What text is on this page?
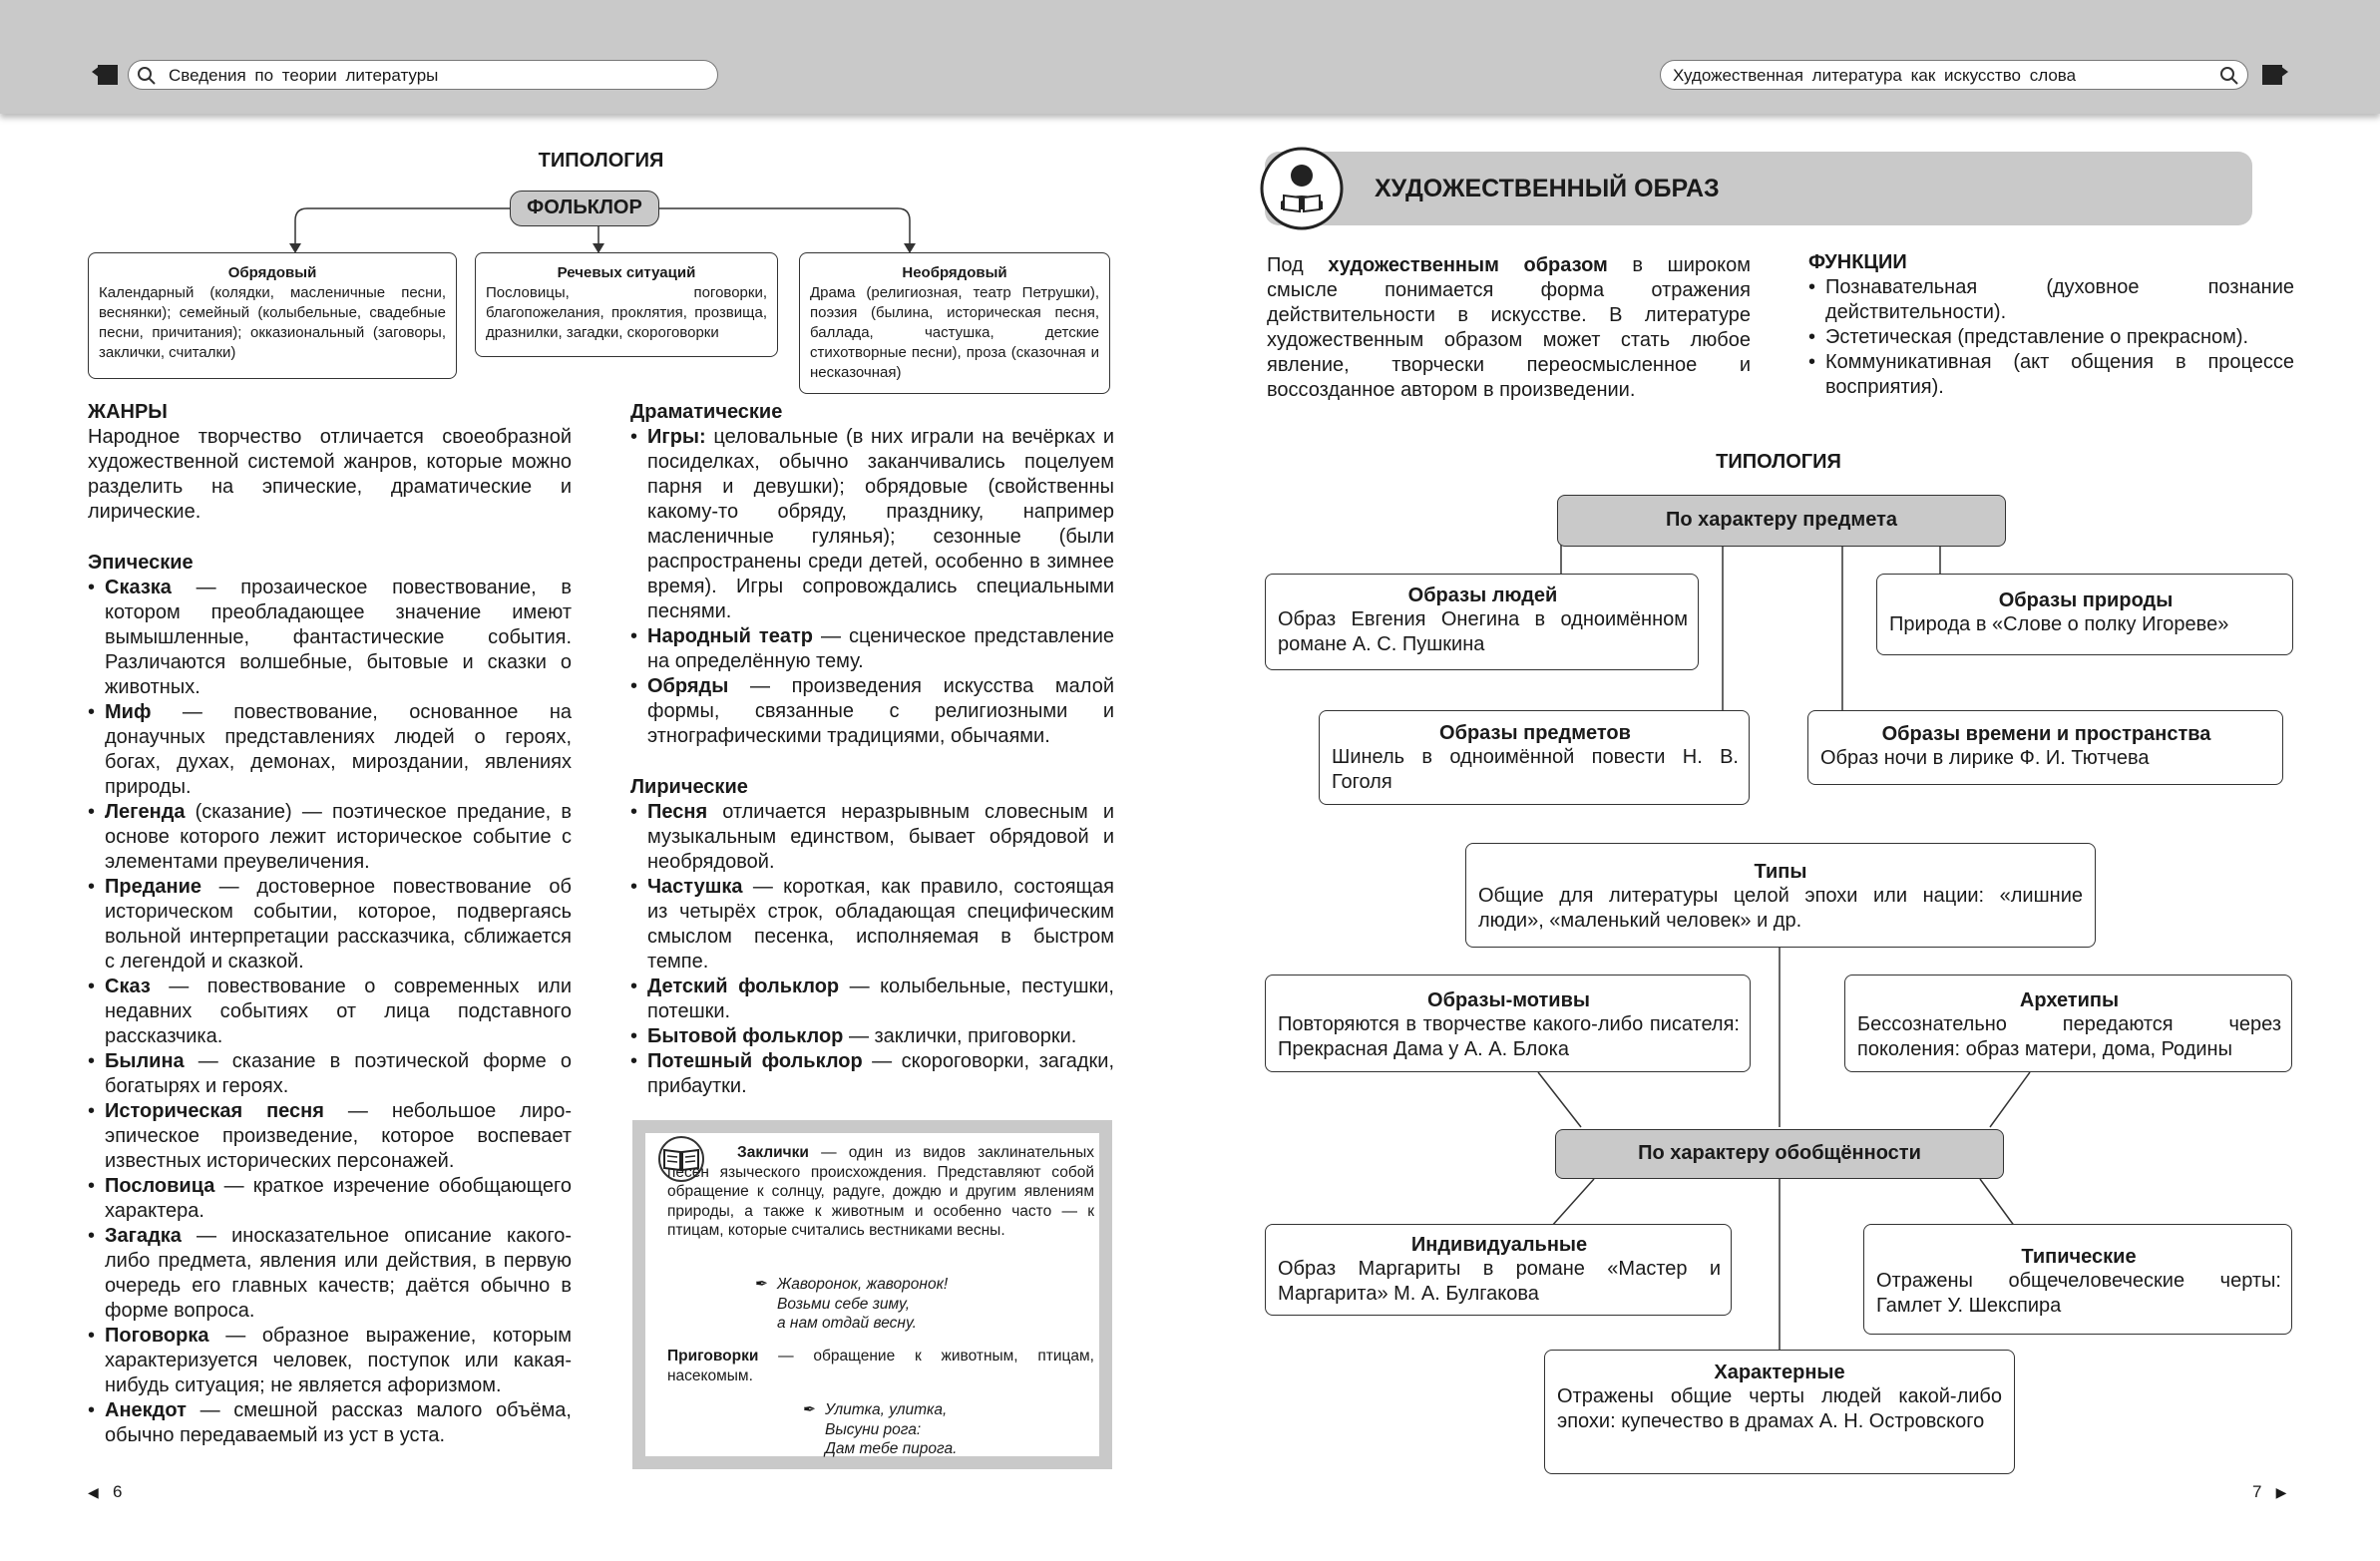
Сведения по теории литературы	Художественная литература как искусство слова
ТИПОЛОГИЯ
ФОЛЬКЛОР
Обрядовый
Календарный (колядки, масленичные песни, веснянки); семейный (колыбельные, свадебные песни, причитания); окказиональный (заговоры, заклички, считалки)
Речевых ситуаций
Пословицы, поговорки, благопожелания, проклятия, прозвища, дразнилки, загадки, скороговорки
Необрядовый
Драма (религиозная, театр Петрушки), поэзия (былина, историческая песня, баллада, частушка, детские стихотворные песни), проза (сказочная и несказочная)
ЖАНРЫ
Народное творчество отличается своеобразной художественной системой жанров, которые можно разделить на эпические, драматические и лирические.
Эпические
• Сказка — прозаическое повествование, в котором преобладающее значение имеют вымышленные, фантастические события. Различаются волшебные, бытовые и сказки о животных.
• Миф — повествование, основанное на донаучных представлениях людей о героях, богах, духах, демонах, мироздании, явлениях природы.
• Легенда (сказание) — поэтическое предание, в основе которого лежит историческое событие с элементами преувеличения.
• Предание — достоверное повествование об историческом событии, которое, подвергаясь вольной интерпретации рассказчика, сближается с легендой и сказкой.
• Сказ — повествование о современных или недавних событиях от лица подставного рассказчика.
• Былина — сказание в поэтической форме о богатырях и героях.
• Историческая песня — небольшое лиро-эпическое произведение, которое воспевает известных исторических персонажей.
• Пословица — краткое изречение обобщающего характера.
• Загадка — иносказательное описание какого-либо предмета, явления или действия, в первую очередь его главных качеств; даётся обычно в форме вопроса.
• Поговорка — образное выражение, которым характеризуется человек, поступок или какая-нибудь ситуация; не является афоризмом.
• Анекдот — смешной рассказ малого объёма, обычно передаваемый из уст в уста.
Драматические
• Игры: целовальные (в них играли на вечёрках и посиделках, обычно заканчивались поцелуем парня и девушки); обрядовые (свойственны какому-то обряду, празднику, например масленичные гулянья); сезонные (были распространены среди детей, особенно в зимнее время). Игры сопровождались специальными песнями.
• Народный театр — сценическое представление на определённую тему.
• Обряды — произведения искусства малой формы, связанные с религиозными и этнографическими традициями, обычаями.
Лирические
• Песня отличается неразрывным словесным и музыкальным единством, бывает обрядовой и необрядовой.
• Частушка — короткая, как правило, состоящая из четырёх строк, обладающая специфическим смыслом песенка, исполняемая в быстром темпе.
• Детский фольклор — колыбельные, пестушки, потешки.
• Бытовой фольклор — заклички, приговорки.
• Потешный фольклор — скороговорки, загадки, прибаутки.
Заклички — один из видов заклинательных песен языческого происхождения. Представляют собой обращение к солнцу, радуге, дождю и другим явлениям природы, а также к животным и особенно часто — к птицам, которые считались вестниками весны.
✒ Жаворонок, жаворонок!
Возьми себе зиму,
а нам отдай весну.
Приговорки — обращение к животным, птицам, насекомым.
✒ Улитка, улитка,
Высуни рога:
Дам тебе пирога.
◀ 6
ХУДОЖЕСТВЕННЫЙ ОБРАЗ
Под художественным образом в широком смысле понимается форма отражения действительности в искусстве. В литературе художественным образом может стать любое явление, творчески переосмысленное и воссозданное автором в произведении.
ФУНКЦИИ
• Познавательная (духовное познание действительности).
• Эстетическая (представление о прекрасном).
• Коммуникативная (акт общения в процессе восприятия).
ТИПОЛОГИЯ
По характеру предмета
Образы людей
Образ Евгения Онегина в одноимённом романе А. С. Пушкина
Образы природы
Природа в «Слове о полку Игореве»
Образы предметов
Шинель в одноимённой повести Н. В. Гоголя
Образы времени и пространства
Образ ночи в лирике Ф. И. Тютчева
Типы
Общие для литературы целой эпохи или нации: «лишние люди», «маленький человек» и др.
Образы-мотивы
Повторяются в творчестве какого-либо писателя: Прекрасная Дама у А. А. Блока
Архетипы
Бессознательно передаются через поколения: образ матери, дома, Родины
По характеру обобщённости
Индивидуальные
Образ Маргариты в романе «Мастер и Маргарита» М. А. Булгакова
Типические
Отражены общечеловеческие черты: Гамлет У. Шекспира
Характерные
Отражены общие черты людей какой-либо эпохи: купечество в драмах А. Н. Островского
7 ▶
